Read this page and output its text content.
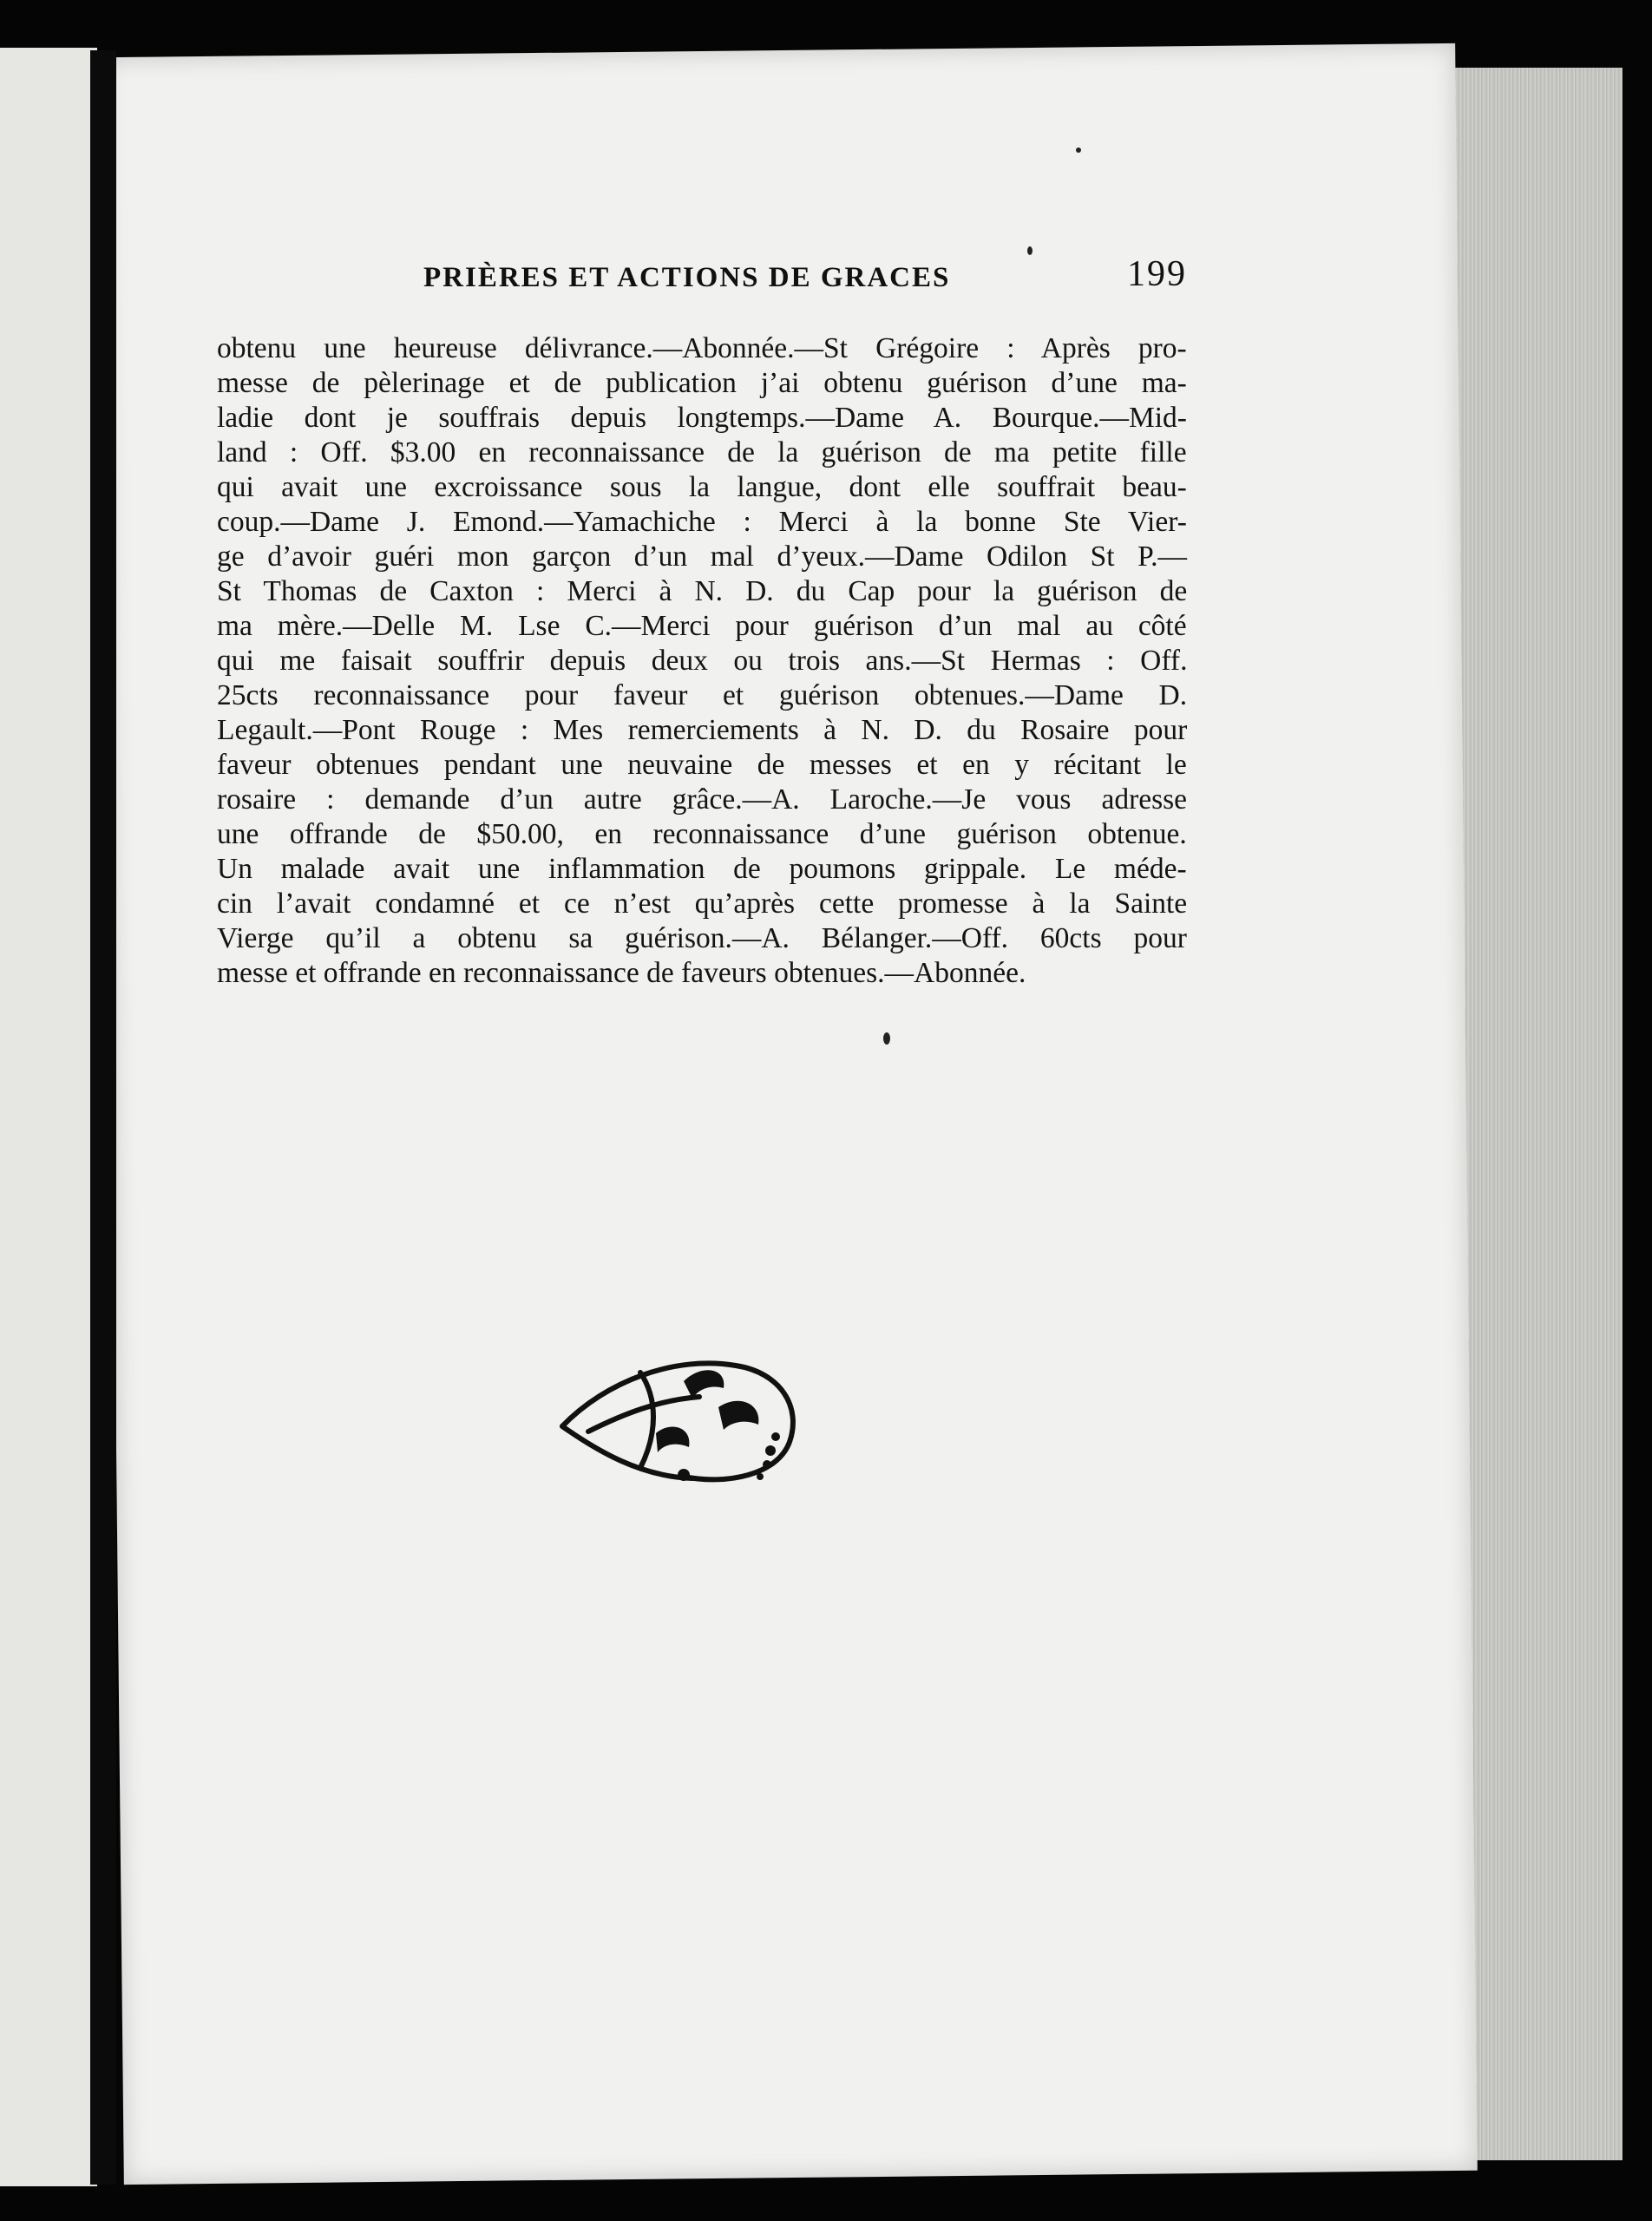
PRIÈRES ET ACTIONS DE GRACES	199
obtenu une heureuse délivrance.—Abonnée.—St Grégoire : Après pro-
messe de pèlerinage et de publication j’ai obtenu guérison d’une ma-
ladie dont je souffrais depuis longtemps.—Dame A. Bourque.—Mid-
land : Off. $3.00 en reconnaissance de la guérison de ma petite fille
qui avait une excroissance sous la langue, dont elle souffrait beau-
coup.—Dame J. Emond.—Yamachiche : Merci à la bonne Ste Vier-
ge d’avoir guéri mon garçon d’un mal d’yeux.—Dame Odilon St P.—
St Thomas de Caxton : Merci à N. D. du Cap pour la guérison de
ma mère.—Delle M. Lse C.—Merci pour guérison d’un mal au côté
qui me faisait souffrir depuis deux ou trois ans.—St Hermas : Off.
25cts reconnaissance pour faveur et guérison obtenues.—Dame D.
Legault.—Pont Rouge : Mes remerciements à N. D. du Rosaire pour
faveur obtenues pendant une neuvaine de messes et en y récitant le
rosaire : demande d’un autre grâce.—A. Laroche.—Je vous adresse
une offrande de $50.00, en reconnaissance d’une guérison obtenue.
Un malade avait une inflammation de poumons grippale. Le méde-
cin l’avait condamné et ce n’est qu’après cette promesse à la Sainte
Vierge qu’il a obtenu sa guérison.—A. Bélanger.—Off. 60cts pour
messe et offrande en reconnaissance de faveurs obtenues.—Abonnée.
